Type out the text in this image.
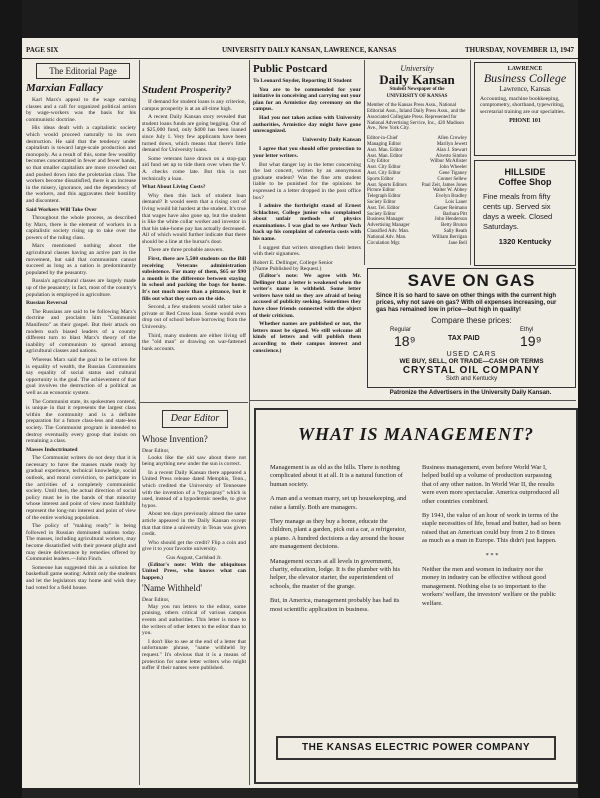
PAGE SIX	UNIVERSITY DAILY KANSAN, LAWRENCE, KANSAS	THURSDAY, NOVEMBER 13, 1947
The Editorial Page
Marxian Fallacy

Karl Marx's appeal to the wage earning classes and a call for organized political action by wage-workers was the basis for his communistic doctrine.

His ideas dealt with a capitalistic society which would proceed naturally to its own destruction. He said that the tendency under capitalism is toward large-scale production and monopoly. As a result of this, some few wealthy becomes concentrated in fewer and fewer hands, so that smaller capitalists are more crowded out and pushed down into the proletarian class. The workers become dissatisfied, there is an increase in the misery, ignorance, and the dependency of the workers, and this aggravates their hostility and discontent.

Said Workers Will Take Over

Throughout the whole process, as described by Marx, there is the element of workers in a capitalistic society rising up to take over the powers of the ruling class.

Marx mentioned nothing about the agricultural classes having an active part in the movement, but said that communism cannot succeed as long as a nation is predominantly populated by the peasantry.

Russia's agricultural classes are largely made up of the peasantry; in fact, most of the country's population is employed in agriculture.

Russian Reversal

The Russians are said to be following Marx's doctrine and proclaim him "Communist Manifesto" as their gospel. But their attack on modern such biased leaders of a country different turn to blast Marx's theory of the inability of communism to spread among agricultural classes and nations.

Whereas Marx said the goal to be striven for is equality of wealth, the Russian Communists say equality of social status and cultural opportunity is the goal. The achievement of that goal involves the destruction of a political as well as an economic system.

The Communist state, its spokesmen contend, is unique in that it represents the largest class within the community and is a definite preparation for a future class-less and state-less society. The Communist program is intended to destroy eventually every group that insists on remaining a class.

Masses Indoctrinated

The Communist writers do not deny that it is necessary to have the masses made ready by gradual experience, technical knowledge, social outlook, and moral conviction, to participate in the activities of a completely communistic society. Until then, the actual direction of social policy must be in the hands of that minority whose interest and point of view most faithfully represent the long-run interest and point of view of the entire working population.

The policy of "making ready" is being followed in Russian dominated nations today. The masses, including agricultural workers, may become dissatisfied with their present plight and may desire deliverance by remedies offered by Communist leaders.—John Finch.

Someone has suggested this as a solution for basketball game seating: Admit only the students and let the legislators stay home and wish they had voted for a field house.

Student Prosperity?

If demand for student loans is any criterion, campus prosperity is at an all-time high.

A recent Daily Kansan story revealed that student loans funds are going begging. Out of a $25,000 fund, only $400 has been loaned since July 1. Very few applicants have been turned down, which means that there's little demand for University loans.

Some veterans have drawn on a stop-gap aid fund set up to tide them over when the V. A. checks come late. But this is not technically a loan.

What About Living Costs?

Why then this lack of student loan demand? It would seem that a rising cost of living would hit hardest at the student. It's true that wages have also gone up, but the student is like the white collar worker and investor in that his take-home pay has actually decreased. All of which would further indicate that there should be a line at the bursar's door.

There are three probable answers.

First, there are 5,500 students on the Bill receiving Veterans administration subsistence. For many of them, $65 or $90 a month is the difference between staying in school and packing the bags for home. It's not much more than a pittance, but it fills out what they earn on the side.

Second, a few students would rather take a private or Red Cross loan. Some would even drop out of school before borrowing from the University.

Third, many students are either living off the "old man" or drawing on war-fattened bank accounts.

Dear Editor
Whose Invention?
Dear Editor,

Looks like the old saw about there not being anything new under the sun is correct.

In a recent Daily Kansan there appeared a United Press release dated Memphis, Tenn., which credited the University of Tennessee with the invention of a "hypospray" which is used, instead of a hypodermic needle, to give hypos.

About ten days previously almost the same article appeared in the Daily Kansan except that that time a university in Texas was given credit.

Who should get the credit? Flip a coin and give it to your favorite university.

Gus August, Carlsbad Jr.

(Editor's note: With the ubiquitous United Press, who knows what can happen.)

'Name Withheld'
Dear Editor,

May you run letters to the editor, some praising, others critical of various campus events and authorities. This letter is more to the writers of other letters to the editor than to you.

I don't like to see at the end of a letter that unfortunate phrase, "name withheld by request." It's obvious that it is a means of protection for some letter writers who might suffer if their names were published.

Public Postcard
To Leonard Snyder, Reporting II Student

You are to be commended for your initiative in conceiving and carrying out your plan for an Armistice day ceremony on the campus.

Had you not taken action with University authorities, Armistice day might have gone unrecognized.

University Daily Kansan

I agree that you should offer protection to your letter writers.

But what danger lay in the letter concerning the last concert, written by an anonymous graduate student? Was the fine arts student liable to be punished for the opinions he expressed in a letter dropped in the post office box?

I admire the forthright stand of Ernest Schlachter, College junior who complained about unfair methods of physics examinations. I was glad to see Arthur Yoch back up his complaint of cafeteria costs with his name.

I suggest that writers strengthen their letters with their signatures.

Robert E. Dellinger, College Senior
(Name Published by Request.)

(Editor's note: We agree with Mr. Dellinger that a letter is weakened when the writer's name is withheld. Some letter writers have told us they are afraid of being accused of publicity seeking. Sometimes they have close friends connected with the object of their criticism.

Whether names are published or not, the letters must be signed. We still welcome all kinds of letters and will publish them according to their campus interest and conscience.)

University
Daily Kansan
Student Newspaper of the
UNIVERSITY OF KANSAS
Member of the Kansas Press Assn., National Editorial Assn., Inland Daily Press Assn., and the Associated Collegiate Press. Represented for National Advertising Service, Inc., 420 Madison Ave., New York City.
Editor-in-Chief	Allen Crowley
Managing Editor	Marilyn Jewett
Asst. Man. Editor	Alan J. Stewart
Asst. Man. Editor	Alverto Simbro
City Editor	Wilbur McAllister
Asst. City Editor	John Wheeler
Asst. City Editor	Gene Tiganey
Sports Editor	Conner Sellew
Asst. Sports Editors	Paul Zeit, James Jones
Picture Editor	Walter W. Abbey
Telegraph Editor	Evelyn Bradley
Society Editor	Lois Lauer
Asst. Tel. Editor	Casper Reimann
Society Editor	Barbara Pitt
Business Manager	John Henderson
Advertising Manager	Betty Bruton
Classified Adv. Man.	Sally Reath
National Adv. Man.	William Berrigan
Circulation Mgr.	Jane Bell
LAWRENCE
Business College
Lawrence, Kansas
Accounting, machine bookkeeping, comptometry, shorthand, typewriting, secretarial training are our specialties.
PHONE 101
HILLSIDE
Coffee Shop
Fine meals from fifty cents up. Served six days a week. Closed Saturdays.
1320 Kentucky
SAVE ON GAS
Since it is so hard to save on other things with the current high prices, why not save on gas? With oil expenses increasing, our gas has remained low in price—but high in quality!
Compare these prices:
Regular
18⁹	TAX PAID
Ethyl
19⁹
USED CARS
WE BUY, SELL, OR TRADE—CASH OR TERMS
CRYSTAL OIL COMPANY
Sixth and Kentucky
Patronize the Advertisers in the University Daily Kansan.
WHAT IS MANAGEMENT?

Management is as old as the hills. There is nothing complicated about it at all. It is a natural function of human society.

A man and a woman marry, set up housekeeping, and raise a family. Both are managers.

They manage as they buy a home, educate the children, plant a garden, pick out a car, a refrigerator, a piano. A hundred decisions a day around the house are management decisions.

Management occurs at all levels in government, charity, education, lodge. It is the plumber with his helper, the elevator starter, the superintendent of schools, the master of the grange.

But, in America, management probably has had its most scientific application in business.

Business management, even before World War I, helped build up a volume of production surpassing that of any other nation. In World War II, the results were even more spectacular. America outproduced all other countries combined.

By 1941, the value of an hour of work in terms of the staple necessities of life, bread and butter, had so been raised that an American could buy from 2 to 8 times as much as a man in Europe. This didn't just happen.

* * *

Neither the men and women in industry nor the money in industry can be effective without good management. Nothing else is so important to the workers' welfare, the investors' welfare or the public welfare.

THE KANSAS ELECTRIC POWER COMPANY
